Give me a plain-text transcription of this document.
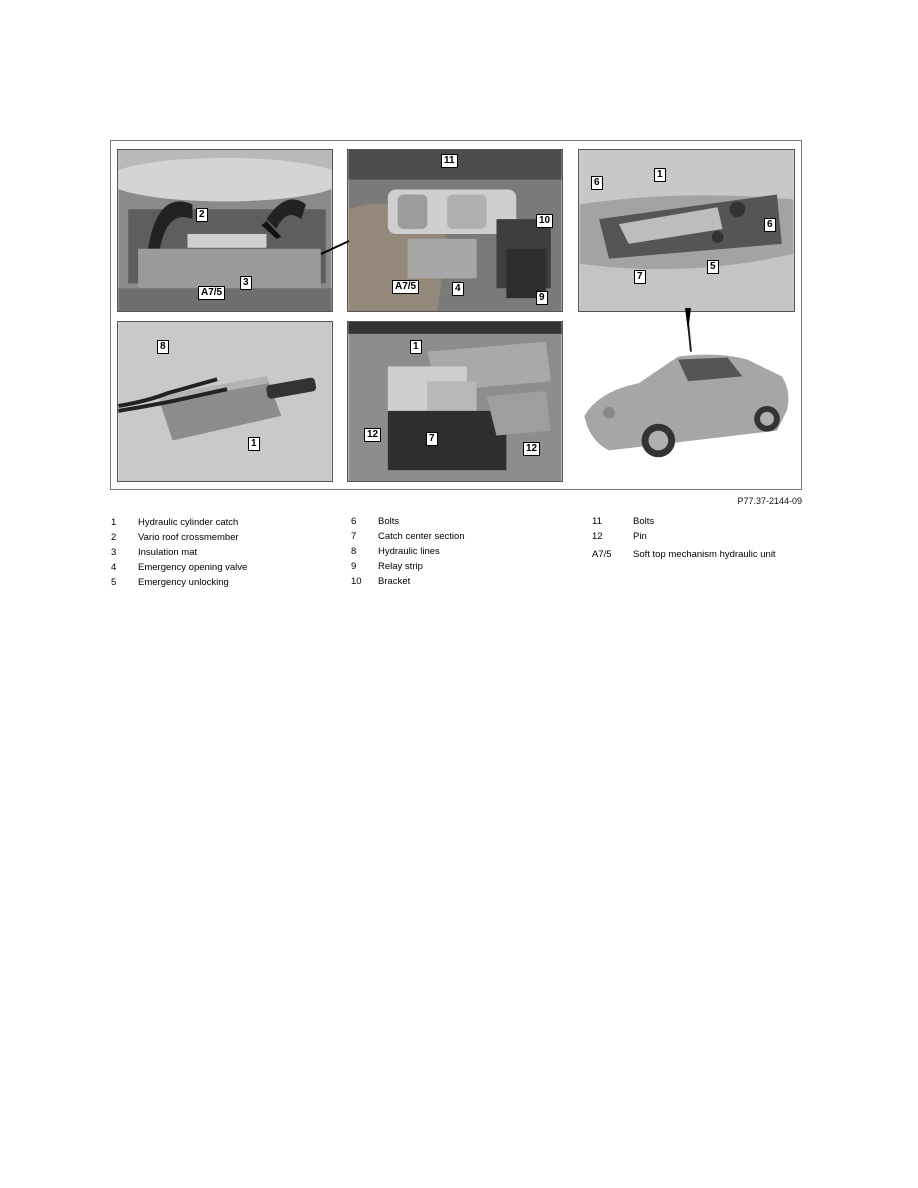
2
A7/5
3
11
10
A7/5	4
9
6
1
6
5
7
8
1
1
12	7
12
P77.37-2144-09
1	Hydraulic cylinder catch
2	Vario roof crossmember
3	Insulation mat
4	Emergency opening valve
5	Emergency unlocking
6	Bolts
7	Catch center section
8	Hydraulic lines
9	Relay strip
10	Bracket
11	Bolts
12	Pin
A7/5	Soft top mechanism hydraulic unit
